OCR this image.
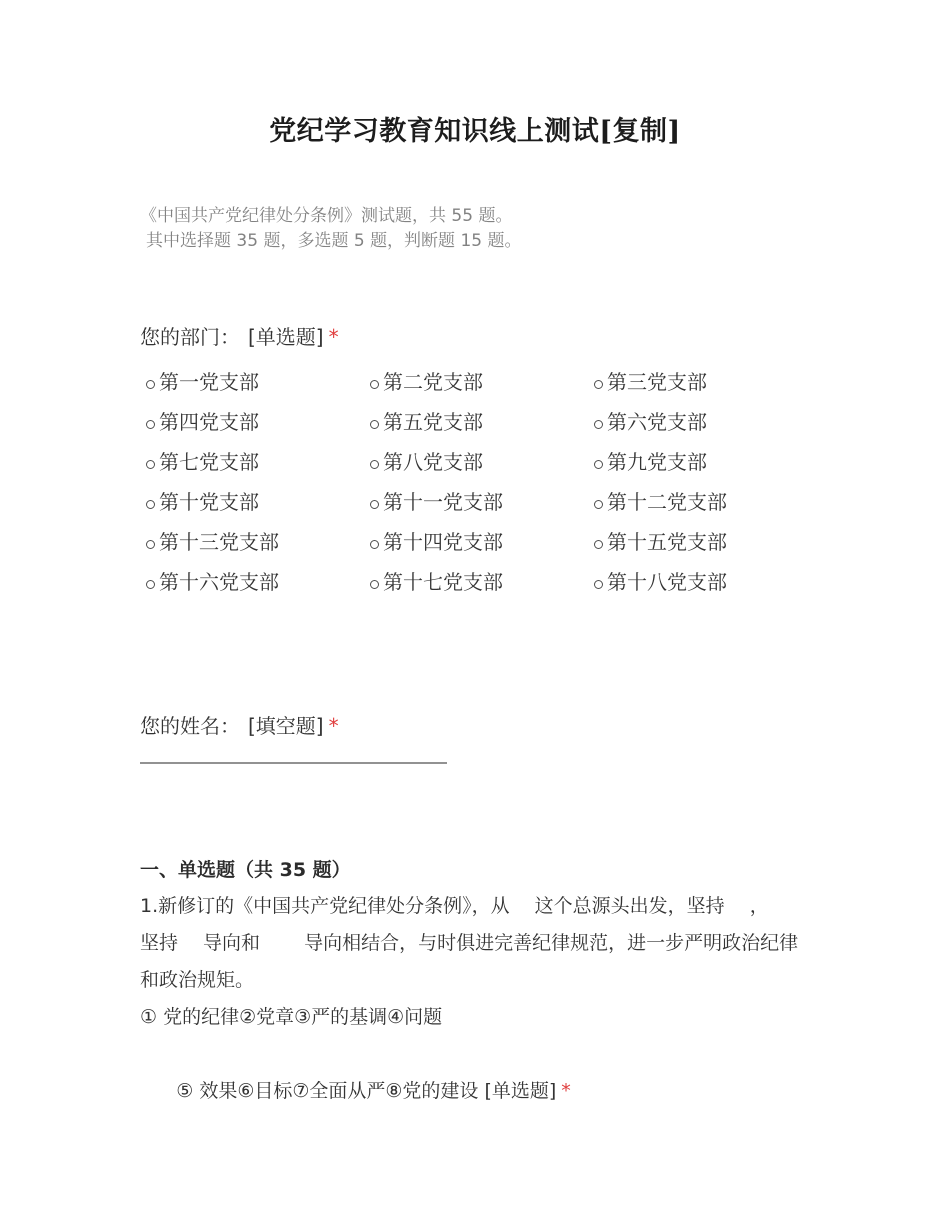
党纪学习教育知识线上测试[复制]
《中国共产党纪律处分条例》测试题，共 55 题。
其中选择题 35 题，多选题 5 题，判断题 15 题。
您的部门： [单选题] *
第一党支部	第二党支部	第三党支部
第四党支部	第五党支部	第六党支部
第七党支部	第八党支部	第九党支部
第十党支部	第十一党支部	第十二党支部
第十三党支部	第十四党支部	第十五党支部
第十六党支部	第十七党支部	第十八党支部
您的姓名： [填空题] *
一、单选题（共 35 题）
1.新修订的《中国共产党纪律处分条例》，从　 这个总源头出发，坚持　 ，
坚持　 导向和　　 导向相结合，与时俱进完善纪律规范，进一步严明政治纪律
和政治规矩。
① 党的纪律②党章③严的基调④问题

⑤ 效果⑥目标⑦全面从严⑧党的建设 [单选题] *
